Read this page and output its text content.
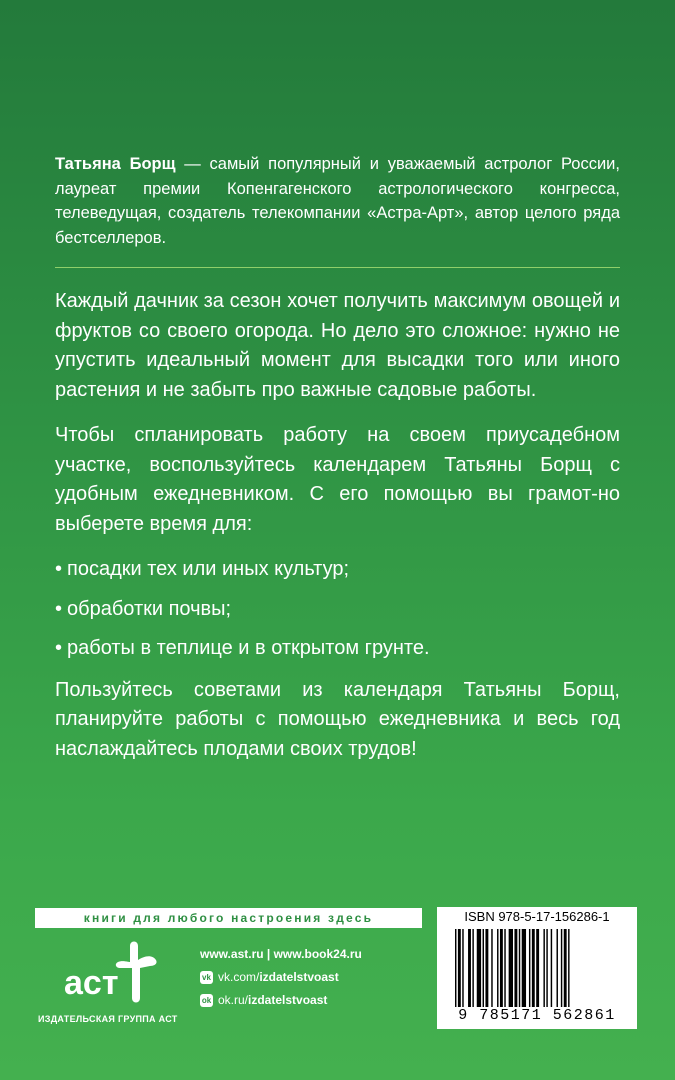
Татьяна Борщ — самый популярный и уважаемый астролог России, лауреат премии Копенгагенского астрологического конгресса, телеведущая, создатель телекомпании «Астра-Арт», автор целого ряда бестселлеров.

Каждый дачник за сезон хочет получить максимум овощей и фруктов со своего огорода. Но дело это сложное: нужно не упустить идеальный момент для высадки того или иного растения и не забыть про важные садовые работы.

Чтобы спланировать работу на своем приусадебном участке, воспользуйтесь календарем Татьяны Борщ с удобным ежедневником. С его помощью вы грамот-но выберете время для:

• посадки тех или иных культур;
• обработки почвы;
• работы в теплице и в открытом грунте.

Пользуйтесь советами из календаря Татьяны Борщ, планируйте работы с помощью ежедневника и весь год наслаждайтесь плодами своих трудов!

книги для любого настроения здесь
аст
ИЗДАТЕЛЬСКАЯ ГРУППА АСТ
www.ast.ru | www.book24.ru
vk vk.com/ izdatelstvoast
ok ok.ru/ izdatelstvoast
ISBN 978-5-17-156286-1
9 785171 562861
